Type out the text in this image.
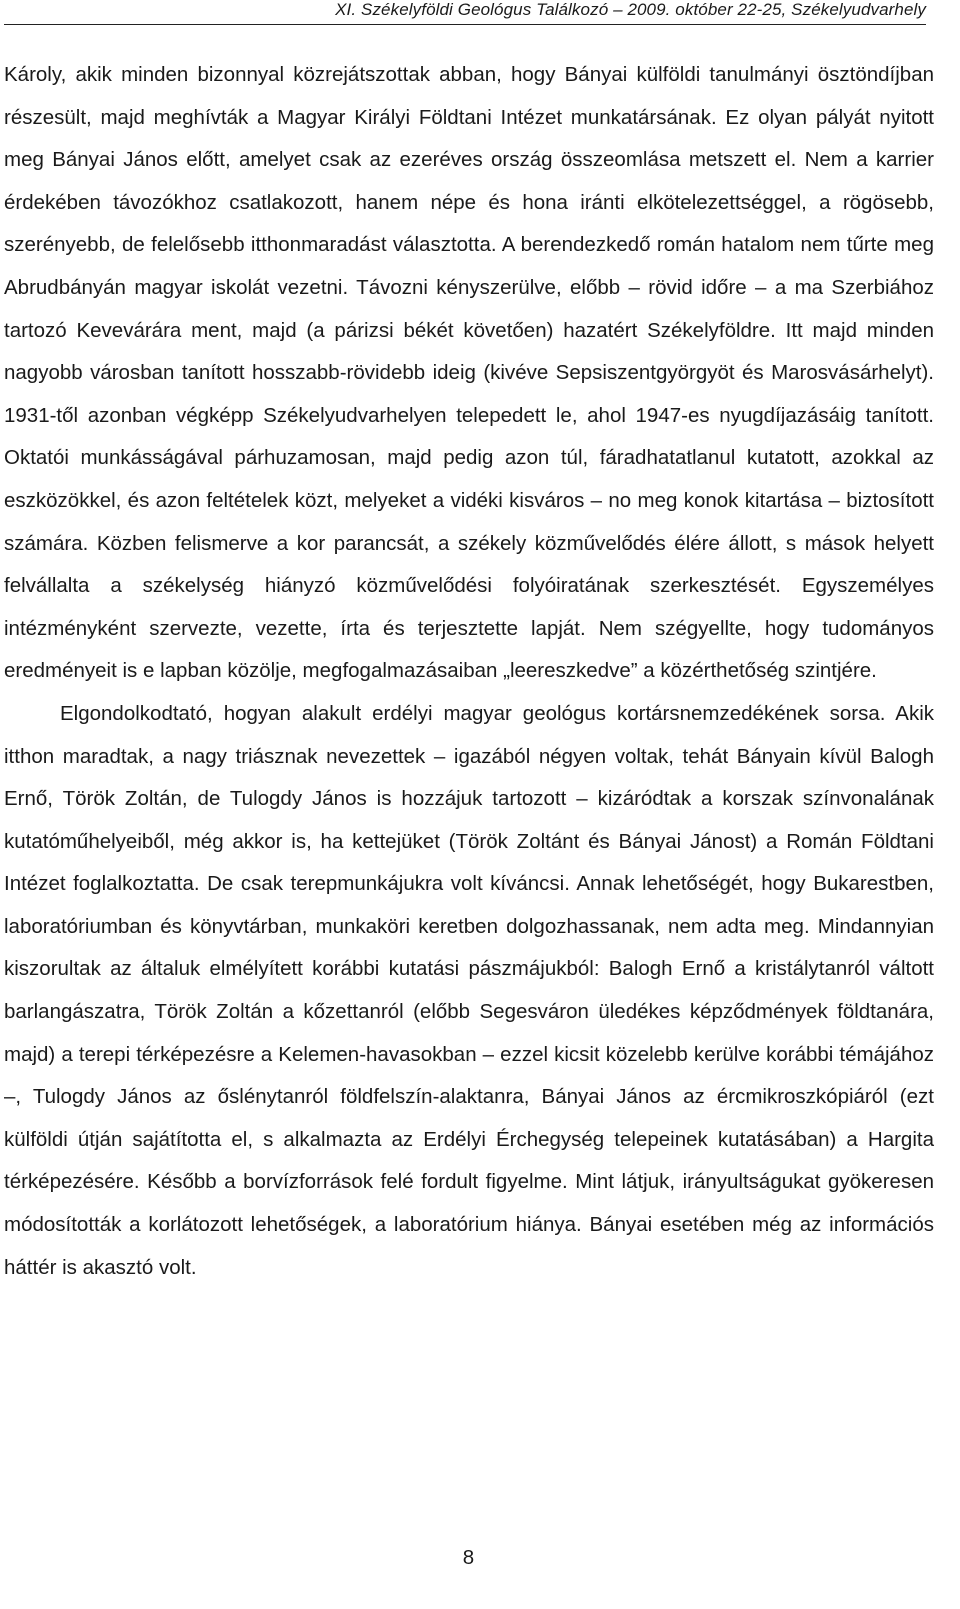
XI. Székelyföldi Geológus Találkozó – 2009. október 22-25, Székelyudvarhely

Károly, akik minden bizonnyal közrejátszottak abban, hogy Bányai külföldi tanulmányi ösztöndíjban részesült, majd meghívták a Magyar Királyi Földtani Intézet munkatársának. Ez olyan pályát nyitott meg Bányai János előtt, amelyet csak az ezeréves ország összeomlása metszett el. Nem a karrier érdekében távozókhoz csatlakozott, hanem népe és hona iránti elkötelezettséggel, a rögösebb, szerényebb, de felelősebb itthonmaradást választotta. A berendezkedő román hatalom nem tűrte meg Abrudbányán magyar iskolát vezetni. Távozni kényszerülve, előbb – rövid időre – a ma Szerbiához tartozó Kevevárára ment, majd (a párizsi békét követően) hazatért Székelyföldre. Itt majd minden nagyobb városban tanított hosszabb-rövidebb ideig (kivéve Sepsiszentgyörgyöt és Marosvásárhelyt). 1931-től azonban végképp Székelyudvarhelyen telepedett le, ahol 1947-es nyugdíjazásáig tanított. Oktatói munkásságával párhuzamosan, majd pedig azon túl, fáradhatatlanul kutatott, azokkal az eszközökkel, és azon feltételek közt, melyeket a vidéki kisváros – no meg konok kitartása – biztosított számára. Közben felismerve a kor parancsát, a székely közművelődés élére állott, s mások helyett felvállalta a székelység hiányzó közművelődési folyóiratának szerkesztését. Egyszemélyes intézményként szervezte, vezette, írta és terjesztette lapját. Nem szégyellte, hogy tudományos eredményeit is e lapban közölje, megfogalmazásaiban „leereszkedve” a közérthetőség szintjére.

Elgondolkodtató, hogyan alakult erdélyi magyar geológus kortársnemzedékének sorsa. Akik itthon maradtak, a nagy triásznak nevezettek – igazából négyen voltak, tehát Bányain kívül Balogh Ernő, Török Zoltán, de Tulogdy János is hozzájuk tartozott – kizáródtak a korszak színvonalának kutatóműhelyeiből, még akkor is, ha kettejüket (Török Zoltánt és Bányai Jánost) a Román Földtani Intézet foglalkoztatta. De csak terepmunkájukra volt kíváncsi. Annak lehetőségét, hogy Bukarestben, laboratóriumban és könyvtárban, munkaköri keretben dolgozhassanak, nem adta meg. Mindannyian kiszorultak az általuk elmélyített korábbi kutatási pászmájukból: Balogh Ernő a kristálytanról váltott barlangászatra, Török Zoltán a kőzettanról (előbb Segesváron üledékes képződmények földtanára, majd) a terepi térképezésre a Kelemen-havasokban – ezzel kicsit közelebb kerülve korábbi témájához –, Tulogdy János az őslénytanról földfelszín-alaktanra, Bányai János az ércmikroszkópiáról (ezt külföldi útján sajátította el, s alkalmazta az Erdélyi Érchegység telepeinek kutatásában) a Hargita térképezésére. Később a borvízforrások felé fordult figyelme. Mint látjuk, irányultságukat gyökeresen módosították a korlátozott lehetőségek, a laboratórium hiánya. Bányai esetében még az információs háttér is akasztó volt.

8
